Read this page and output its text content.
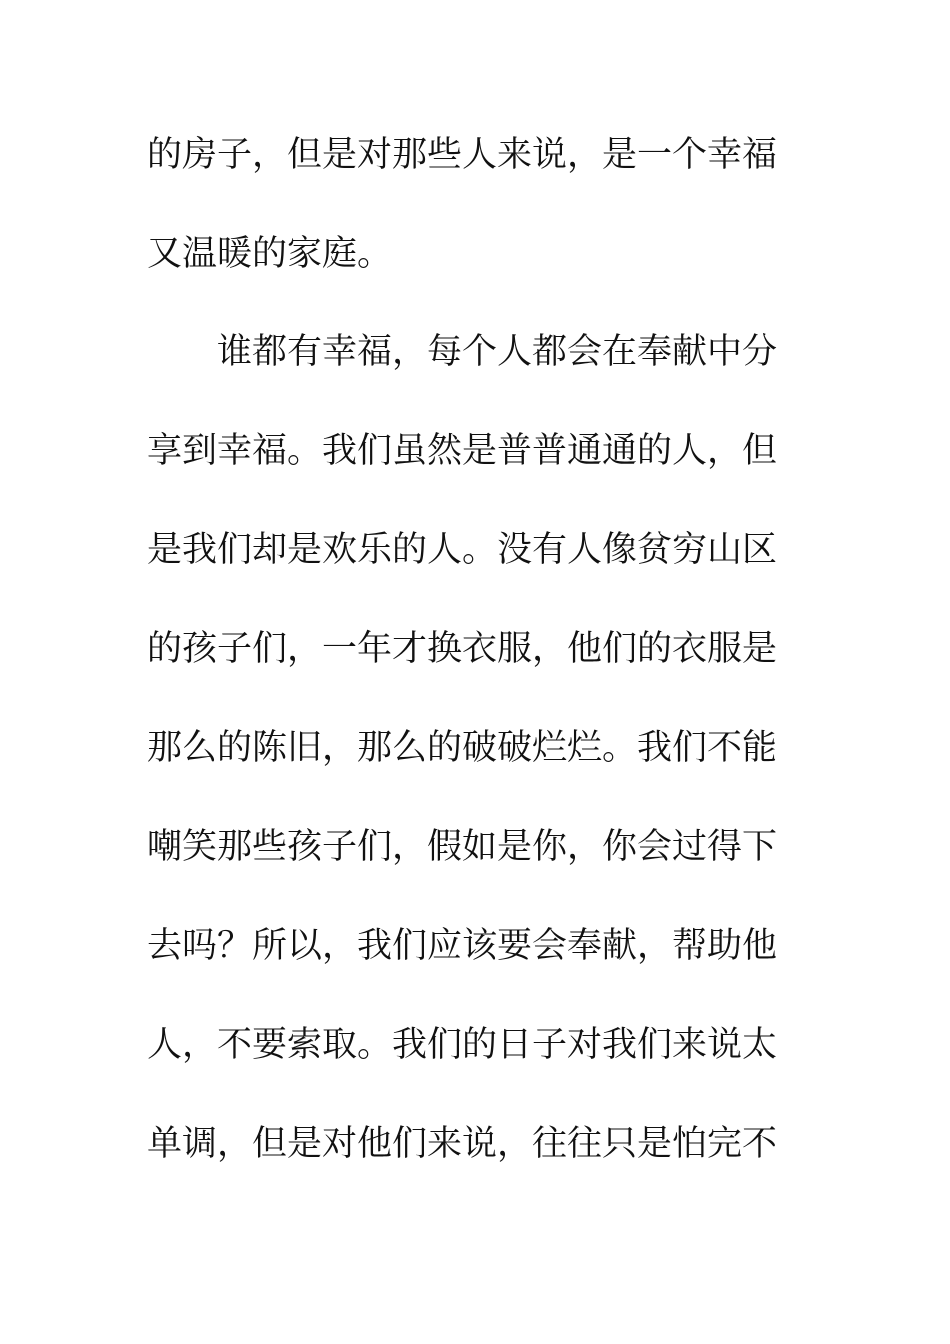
的房子，但是对那些人来说，是一个幸福
又温暖的家庭。
谁都有幸福，每个人都会在奉献中分
享到幸福。我们虽然是普普通通的人，但
是我们却是欢乐的人。没有人像贫穷山区
的孩子们，一年才换衣服，他们的衣服是
那么的陈旧，那么的破破烂烂。我们不能
嘲笑那些孩子们，假如是你，你会过得下
去吗？所以，我们应该要会奉献，帮助他
人，不要索取。我们的日子对我们来说太
单调，但是对他们来说，往往只是怕完不
